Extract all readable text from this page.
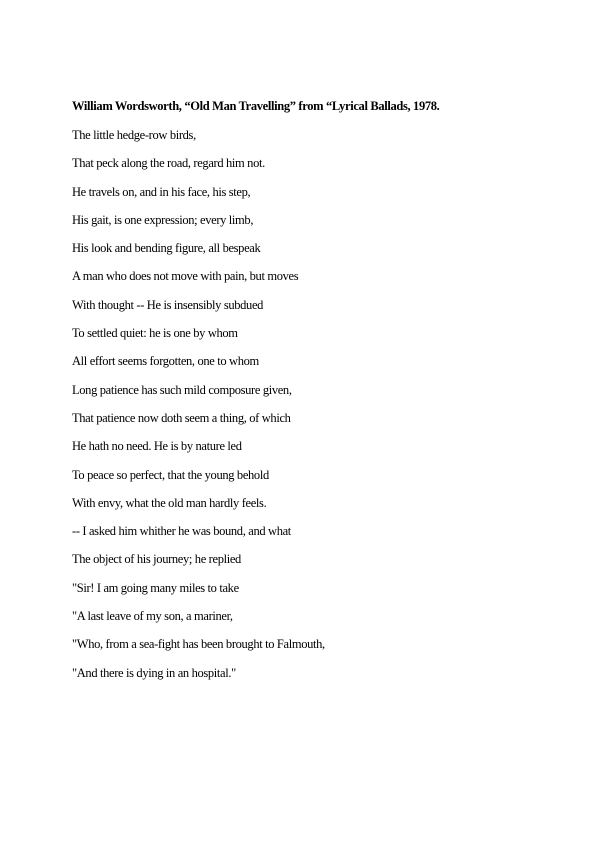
William Wordsworth, “Old Man Travelling” from “Lyrical Ballads, 1978.
The little hedge-row birds,
That peck along the road, regard him not.
He travels on, and in his face, his step,
His gait, is one expression; every limb,
His look and bending figure, all bespeak
A man who does not move with pain, but moves
With thought -- He is insensibly subdued
To settled quiet: he is one by whom
All effort seems forgotten, one to whom
Long patience has such mild composure given,
That patience now doth seem a thing, of which
He hath no need. He is by nature led
To peace so perfect, that the young behold
With envy, what the old man hardly feels.
-- I asked him whither he was bound, and what
The object of his journey; he replied
"Sir! I am going many miles to take
"A last leave of my son, a mariner,
"Who, from a sea-fight has been brought to Falmouth,
"And there is dying in an hospital."
